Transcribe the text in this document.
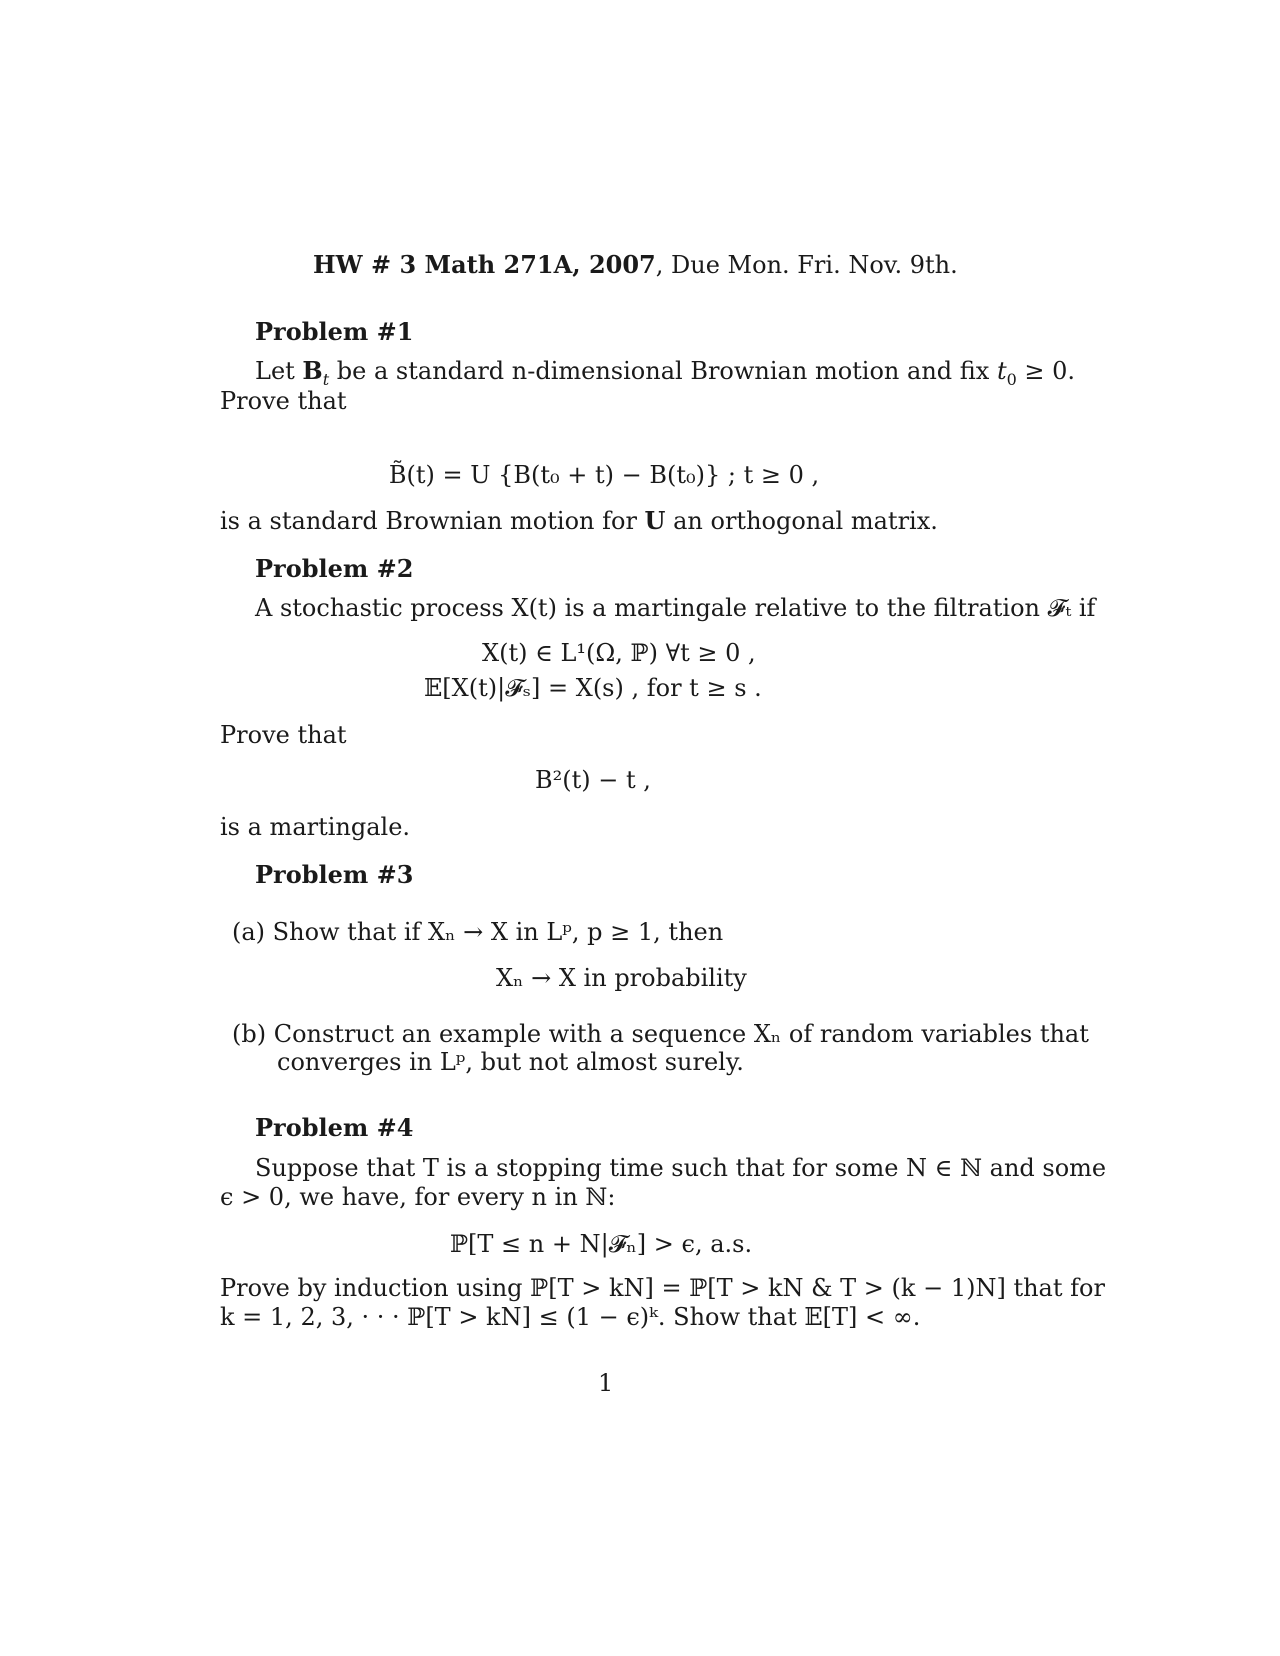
HW # 3 Math 271A, 2007, Due Mon. Fri. Nov. 9th.
Problem #1
Let $B_t$ be a standard n-dimensional Brownian motion and fix $t_0 \ge 0$.
Prove that
B̃(t) = U {B(t₀ + t) − B(t₀)} ; t ≥ 0 ,
is a standard Brownian motion for U an orthogonal matrix.
Problem #2
A stochastic process X(t) is a martingale relative to the filtration 𝓕ₜ if
X(t) ∈ L¹(Ω, ℙ) ∀t ≥ 0 ,
𝔼[X(t)|𝓕ₛ] = X(s) , for t ≥ s .
Prove that
B²(t) − t ,
is a martingale.
Problem #3
(a) Show that if Xₙ → X in Lᵖ, p ≥ 1, then
Xₙ → X in probability
(b) Construct an example with a sequence Xₙ of random variables that
converges in Lᵖ, but not almost surely.
Problem #4
Suppose that T is a stopping time such that for some N ∈ ℕ and some
ϵ > 0, we have, for every n in ℕ:
ℙ[T ≤ n + N|𝓕ₙ] > ϵ, a.s.
Prove by induction using ℙ[T > kN] = ℙ[T > kN & T > (k − 1)N] that for
k = 1, 2, 3, · · · ℙ[T > kN] ≤ (1 − ϵ)ᵏ. Show that 𝔼[T] < ∞.
1
